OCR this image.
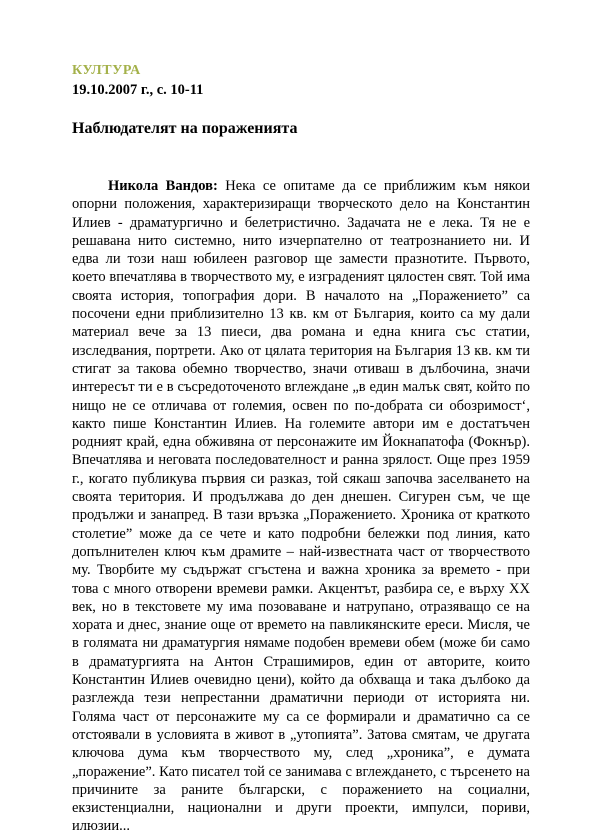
КУЛТУРА
19.10.2007 г., с. 10-11
Наблюдателят на пораженията

Никола Вандов: Нека се опитаме да се приближим към някои опорни положения, характеризиращи творческото дело на Константин Илиев - драматургично и белетристично. Задачата не е лека. Тя не е решавана нито системно, нито изчерпателно от театрознанието ни. И едва ли този наш юбилеен разговор ще замести празнотите. Първото, което впечатлява в творчеството му, е изграденият цялостен свят. Той има своята история, топография дори. В началото на „Поражението” са посочени едни приблизително 13 кв. км от България, които са му дали материал вече за 13 пиеси, два романа и една книга със статии, изследвания, портрети. Ако от цялата територия на България 13 кв. км ти стигат за такова обемно творчество, значи отиваш в дълбочина, значи интересът ти е в съсредоточеното вглеждане „в един малък свят, който по нищо не се отличава от големия, освен по по-добрата си обозримост‘, както пише Константин Илиев. На големите автори им е достатъчен родният край, една обживяна от персонажите им Йокнапатофа (Фокнър). Впечатлява и неговата последователност и ранна зрялост. Още през 1959 г., когато публикува първия си разказ, той сякаш започва заселването на своята територия. И продължава до ден днешен. Сигурен съм, че ще продължи и занапред. В тази връзка „Поражението. Хроника от краткото столетие” може да се чете и като подробни бележки под линия, като допълнителен ключ към драмите – най-известната част от творчеството му. Творбите му съдържат сгъстена и важна хроника за времето - при това с много отворени времеви рамки. Акцентът, разбира се, е върху XX век, но в текстовете му има позоваване и натрупано, отразяващо се на хората и днес, знание още от времето на павликянските ереси. Мисля, че в голямата ни драматургия нямаме подобен времеви обем (може би само в драматургията на Антон Страшимиров, един от авторите, които Константин Илиев очевидно цени), който да обхваща и така дълбоко да разглежда тези непрестанни драматични периоди от историята ни. Голяма част от персонажите му са се формирали и драматично са се отстоявали в условията в живот в „утопията”. Затова смятам, че другата ключова дума към творчеството му, след „хроника”, е думата „поражение”. Като писател той се занимава с вглеждането, с търсенето на причините за раните български, с поражението на социални, екзистенциални, национални и други проекти, импулси, пориви, илюзии...
